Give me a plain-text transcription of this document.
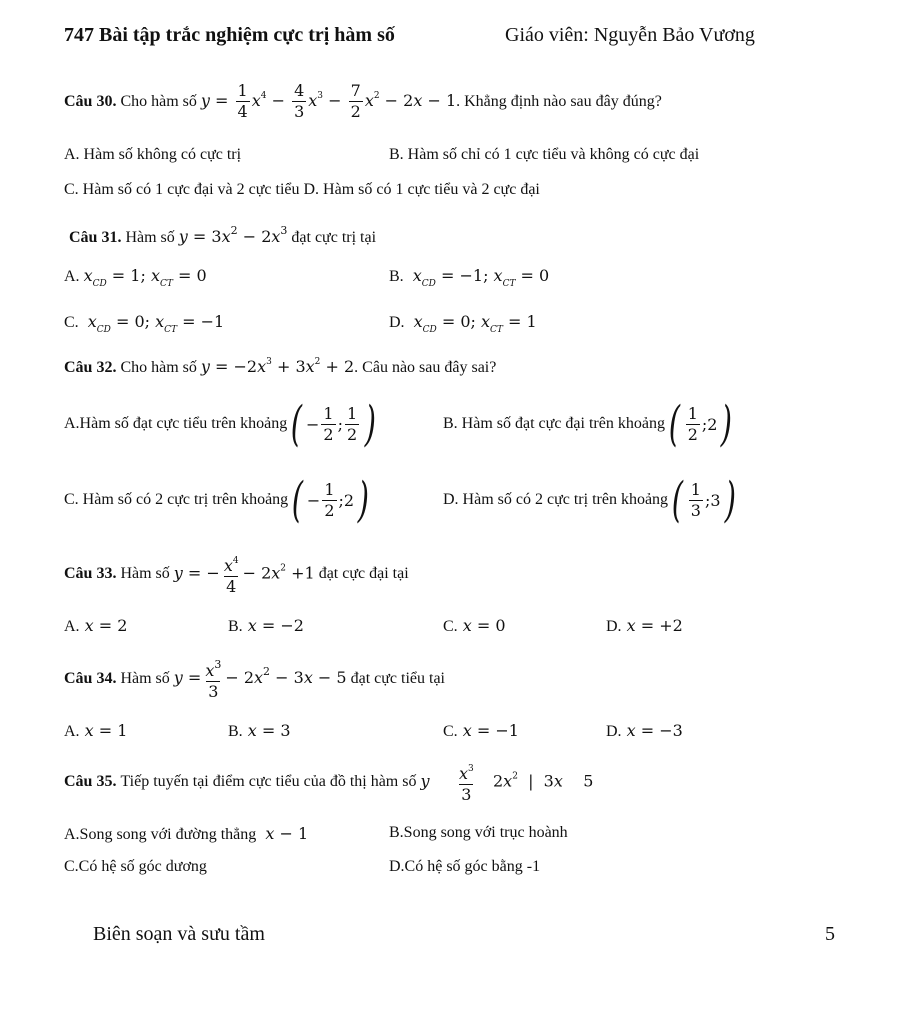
747 Bài tập trắc nghiệm cực trị hàm số	Giáo viên: Nguyễn Bảo Vương
Câu 30.
Cho hàm số
$y = \frac{1}{4} x^4 - \frac{4}{3} x^3 - \frac{7}{2} x^2 - 2x - 1$ . Khẳng định nào sau đây đúng?
A. Hàm số không có cực trị	B. Hàm số chỉ có 1 cực tiểu và không có cực đại
C. Hàm số có 1 cực đại và 2 cực tiểu D. Hàm số có 1 cực tiểu và 2 cực đại
Câu 31. Hàm số $y = 3x^2 - 2x^3$ đạt cực trị tại
A. $x_{CD} = 1$; $x_{CT} = 0$	B.  $x_{CD} = -1$; $x_{CT} = 0$
C.  $x_{CD} = 0$; $x_{CT} = -1$	D.  $x_{CD} = 0$; $x_{CT} = 1$
Câu 32. Cho hàm số $y = -2x^3 + 3x^2 + 2$. Câu nào sau đây sai?
A.Hàm số đạt cực tiểu trên khoảng ( − $\frac{1}{2}$ ; $\frac{1}{2}$ )	B. Hàm số đạt cực đại trên khoảng ( $\frac{1}{2}$ ;2 )
C. Hàm số có 2 cực trị trên khoảng ( − $\frac{1}{2}$ ;2 )	D. Hàm số có 2 cực trị trên khoảng ( $\frac{1}{3}$ ;3 )
Câu 33.
Hàm số
y = − $\frac{x^4}{4} - 2x^2 +1$
đạt cực đại tại
A. x = 2	B. x = −2	C. x = 0	D. x = +2
Câu 34.
Hàm số
$y = \frac{x^3}{3} - 2x^2 - 3x - 5$
đạt cực tiểu tại
A. x = 1	B. x = 3	C. x = −1	D. x = −3
Câu 35.
Tiếp tuyến tại điểm cực tiểu của đồ thị hàm số
y $\frac{x^3}{3} 2x^2$  |  3x    5
A.Song song với đường thẳng  x − 1	B.Song song với trục hoành
C.Có hệ số góc dương	D.Có hệ số góc bằng -1
Biên soạn và sưu tầm	5
